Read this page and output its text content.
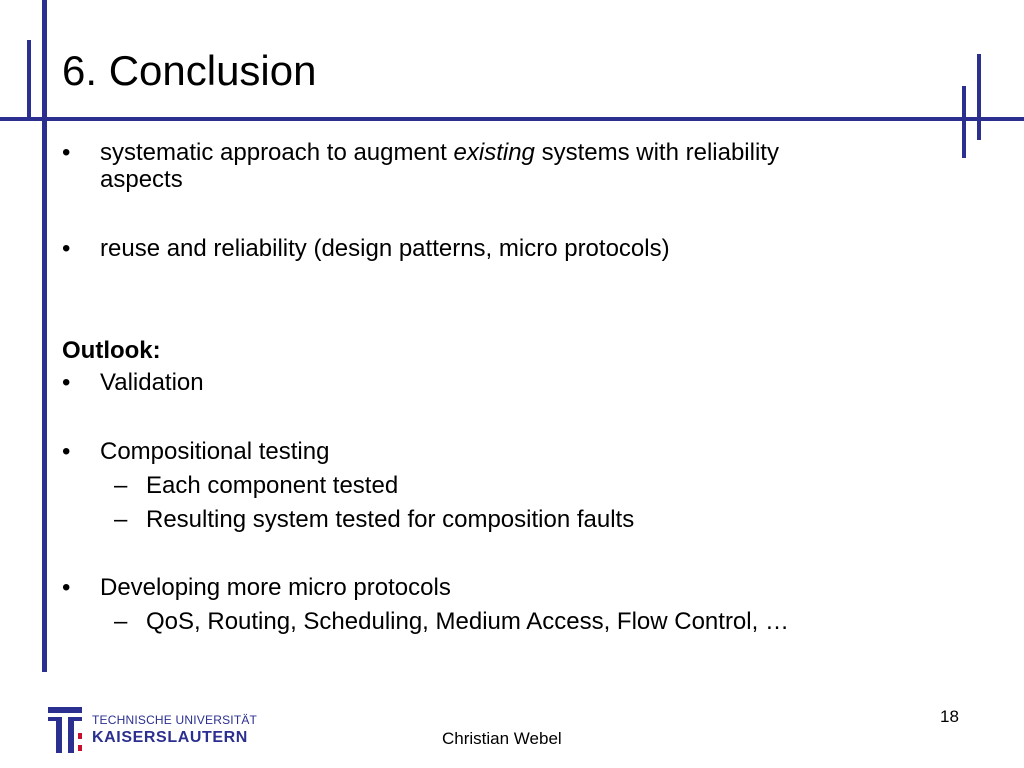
6. Conclusion
•	systematic approach to augment existing systems with reliability
aspects
•	reuse and reliability (design patterns, micro protocols)
Outlook:
•	Validation
•	Compositional testing
– Each component tested
– Resulting system tested for composition faults
•	Developing more micro protocols
– QoS, Routing, Scheduling, Medium Access, Flow Control, …
TECHNISCHE UNIVERSITÄT
KAISERSLAUTERN	Christian Webel
18
